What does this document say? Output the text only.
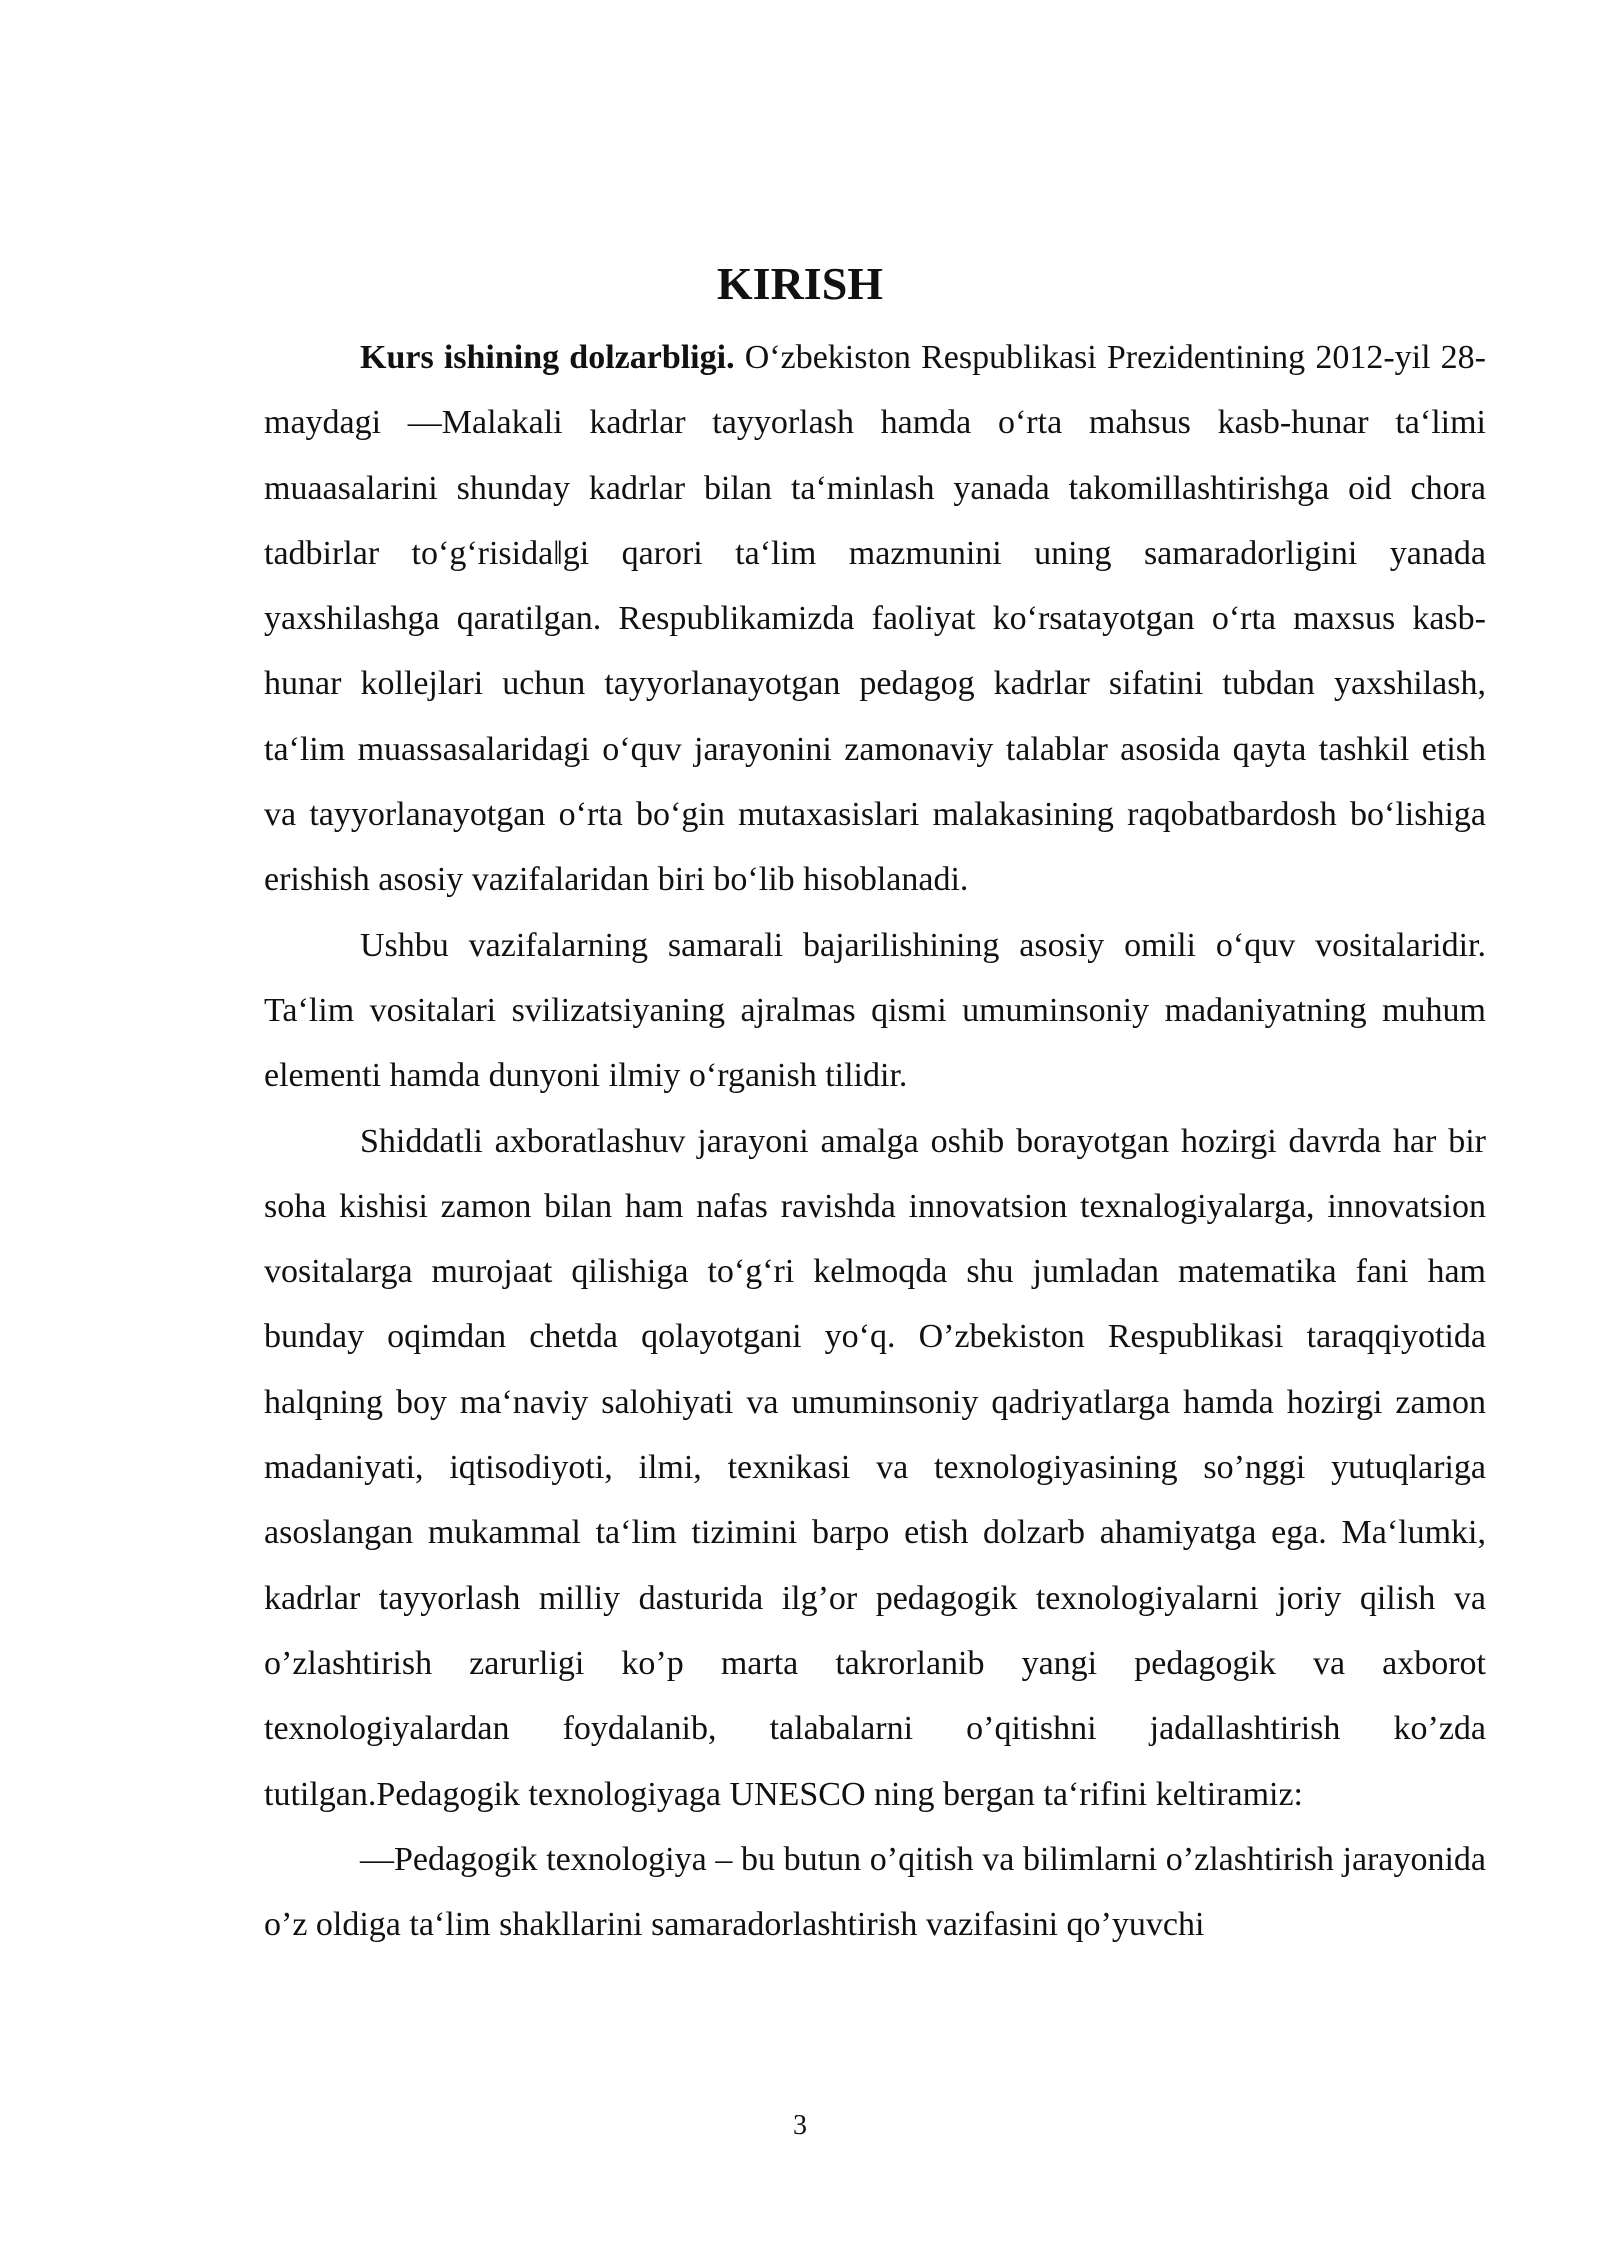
KIRISH

Kurs ishining dolzarbligi. O‘zbekiston Respublikasi Prezidentining 2012-yil 28-maydagi ―Malakali kadrlar tayyorlash hamda o‘rta mahsus kasb-hunar ta‘limi muaasalarini shunday kadrlar bilan ta‘minlash yanada takomillashtirishga oid chora tadbirlar to‘g‘risida‖gi qarori ta‘lim mazmunini uning samaradorligini yanada yaxshilashga qaratilgan. Respublikamizda faoliyat ko‘rsatayotgan o‘rta maxsus kasb-hunar kollejlari uchun tayyorlanayotgan pedagog kadrlar sifatini tubdan yaxshilash, ta‘lim muassasalaridagi o‘quv jarayonini zamonaviy talablar asosida qayta tashkil etish va tayyorlanayotgan o‘rta bo‘gin mutaxasislari malakasining raqobatbardosh bo‘lishiga erishish asosiy vazifalaridan biri bo‘lib hisoblanadi.

Ushbu vazifalarning samarali bajarilishining asosiy omili o‘quv vositalaridir. Ta‘lim vositalari svilizatsiyaning ajralmas qismi umuminsoniy madaniyatning muhum elementi hamda dunyoni ilmiy o‘rganish tilidir.

Shiddatli axboratlashuv jarayoni amalga oshib borayotgan hozirgi davrda har bir soha kishisi zamon bilan ham nafas ravishda innovatsion texnalogiyalarga, innovatsion vositalarga murojaat qilishiga to‘g‘ri kelmoqda shu jumladan matematika fani ham bunday oqimdan chetda qolayotgani yo‘q. O’zbekiston Respublikasi taraqqiyotida halqning boy ma‘naviy salohiyati va umuminsoniy qadriyatlarga hamda hozirgi zamon madaniyati, iqtisodiyoti, ilmi, texnikasi va texnologiyasining so’nggi yutuqlariga asoslangan mukammal ta‘lim tizimini barpo etish dolzarb ahamiyatga ega. Ma‘lumki, kadrlar tayyorlash milliy dasturida ilg’or pedagogik texnologiyalarni joriy qilish va o’zlashtirish zarurligi ko’p marta takrorlanib yangi pedagogik va axborot texnologiyalardan foydalanib, talabalarni o’qitishni jadallashtirish ko’zda tutilgan.Pedagogik texnologiyaga UNESCO ning bergan ta‘rifini keltiramiz:

―Pedagogik texnologiya – bu butun o’qitish va bilimlarni o’zlashtirish jarayonida o’z oldiga ta‘lim shakllarini samaradorlashtirish vazifasini qo’yuvchi

3
